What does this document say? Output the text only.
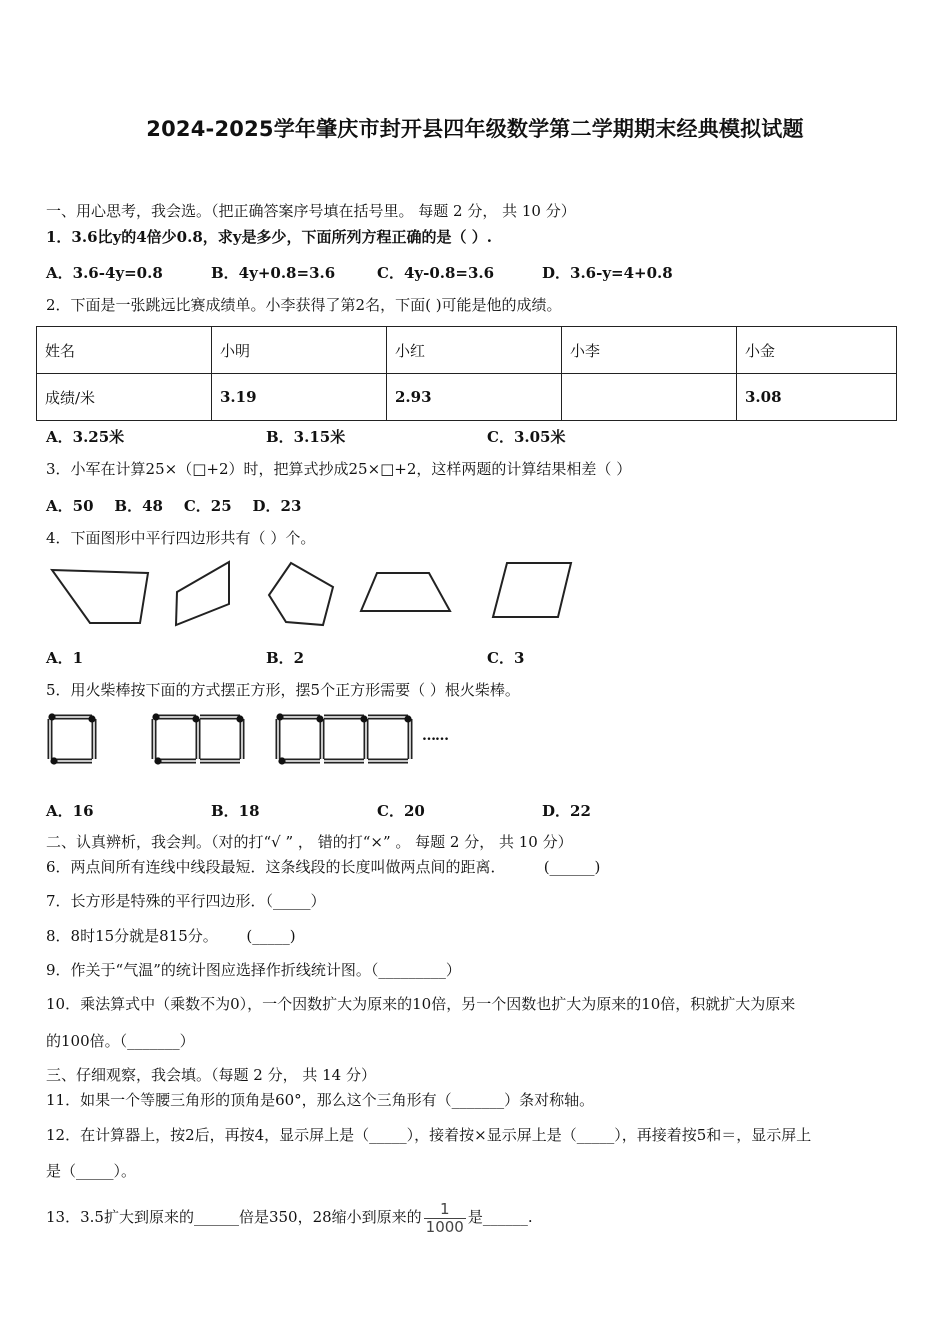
2024-2025学年肇庆市封开县四年级数学第二学期期末经典模拟试题
一、用心思考，我会选。（把正确答案序号填在括号里。 每题 2 分， 共 10 分）
1．3.6比y的4倍少0.8，求y是多少，下面所列方程正确的是（ ）.
A．3.6-4y=0.8	B．4y+0.8=3.6	C．4y-0.8=3.6	D．3.6-y=4+0.8
2．下面是一张跳远比赛成绩单。小李获得了第2名，下面( )可能是他的成绩。
姓名	小明	小红	小李	小金
成绩/米	3.19	2.93		3.08
A．3.25米	B．3.15米	C．3.05米
3．小军在计算25×（□+2）时，把算式抄成25×□+2，这样两题的计算结果相差（ ）
A．50    B．48    C．25    D．23
4．下面图形中平行四边形共有（ ）个。
A．1	B．2	C．3
5．用火柴棒按下面的方式摆正方形，摆5个正方形需要（ ）根火柴棒。
……
A．16	B．18	C．20	D．22
二、认真辨析，我会判。（对的打“√ ” ， 错的打“×” 。 每题 2 分， 共 10 分）
6．两点间所有连线中线段最短．这条线段的长度叫做两点间的距离．        (______)
7．长方形是特殊的平行四边形．（_____）
8．8时15分就是815分。      (_____)
9．作关于“气温”的统计图应选择作折线统计图。（_________）
10．乘法算式中（乘数不为0），一个因数扩大为原来的10倍，另一个因数也扩大为原来的10倍，积就扩大为原来
的100倍。（_______）
三、仔细观察，我会填。（每题 2 分， 共 14 分）
11．如果一个等腰三角形的顶角是60°，那么这个三角形有（_______）条对称轴。
12．在计算器上，按2后，再按4，显示屏上是（_____），接着按×显示屏上是（_____），再接着按5和＝，显示屏上
是（_____）。
13．3.5扩大到原来的______倍是350，28缩小到原来的 $\frac{1}{1000}$ 是______.
